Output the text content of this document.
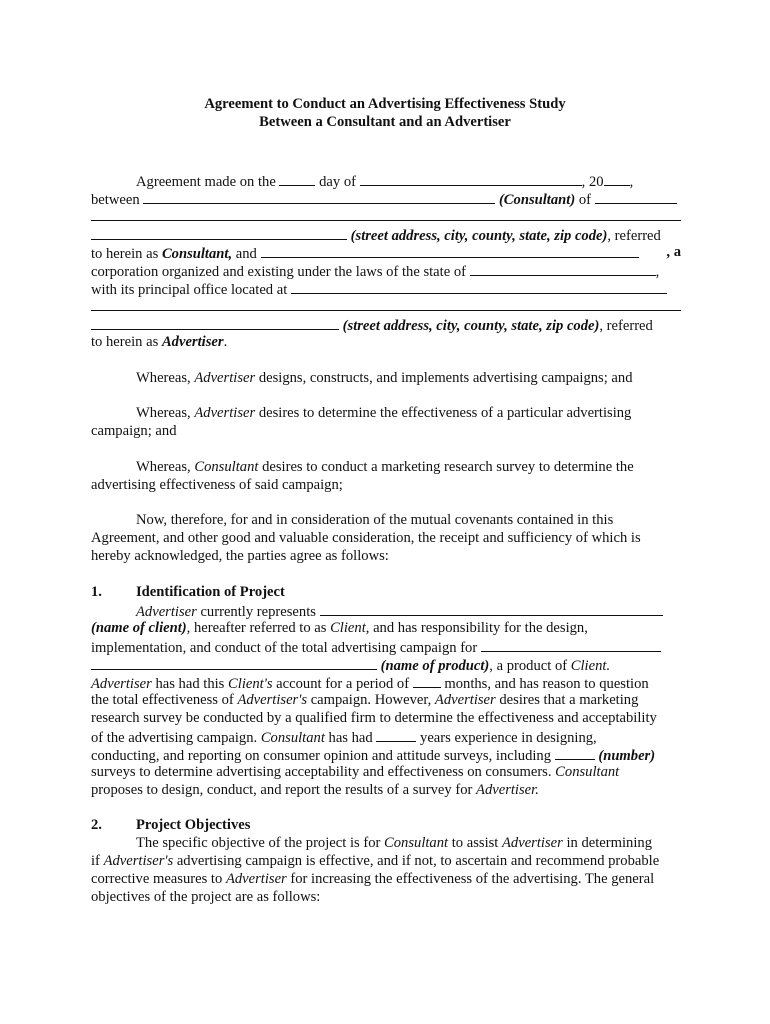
Agreement to Conduct an Advertising Effectiveness Study
Between a Consultant and an Advertiser
Agreement made on the	day of	, 20 ,
between	(Consultant) of
(street address, city, county, state, zip code), referred
to herein as Consultant, and	, a
corporation organized and existing under the laws of the state of	,
with its principal office located at
(street address, city, county, state, zip code), referred
to herein as Advertiser.
Whereas, Advertiser designs, constructs, and implements advertising campaigns; and
Whereas, Advertiser desires to determine the effectiveness of a particular advertising
campaign; and
Whereas, Consultant desires to conduct a marketing research survey to determine the
advertising effectiveness of said campaign;
Now, therefore, for and in consideration of the mutual covenants contained in this
Agreement, and other good and valuable consideration, the receipt and sufficiency of which is
hereby acknowledged, the parties agree as follows:
1. Identification of Project
Advertiser currently represents
(name of client), hereafter referred to as Client, and has responsibility for the design,
implementation, and conduct of the total advertising campaign for
(name of product), a product of Client.
Advertiser has had this Client's account for a period of months, and has reason to question
the total effectiveness of Advertiser's campaign. However, Advertiser desires that a marketing
research survey be conducted by a qualified firm to determine the effectiveness and acceptability
of the advertising campaign. Consultant has had	years experience in designing,
conducting, and reporting on consumer opinion and attitude surveys, including	(number)
surveys to determine advertising acceptability and effectiveness on consumers. Consultant
proposes to design, conduct, and report the results of a survey for Advertiser.
2. Project Objectives
The specific objective of the project is for Consultant to assist Advertiser in determining
if Advertiser's advertising campaign is effective, and if not, to ascertain and recommend probable
corrective measures to Advertiser for increasing the effectiveness of the advertising. The general
objectives of the project are as follows:
